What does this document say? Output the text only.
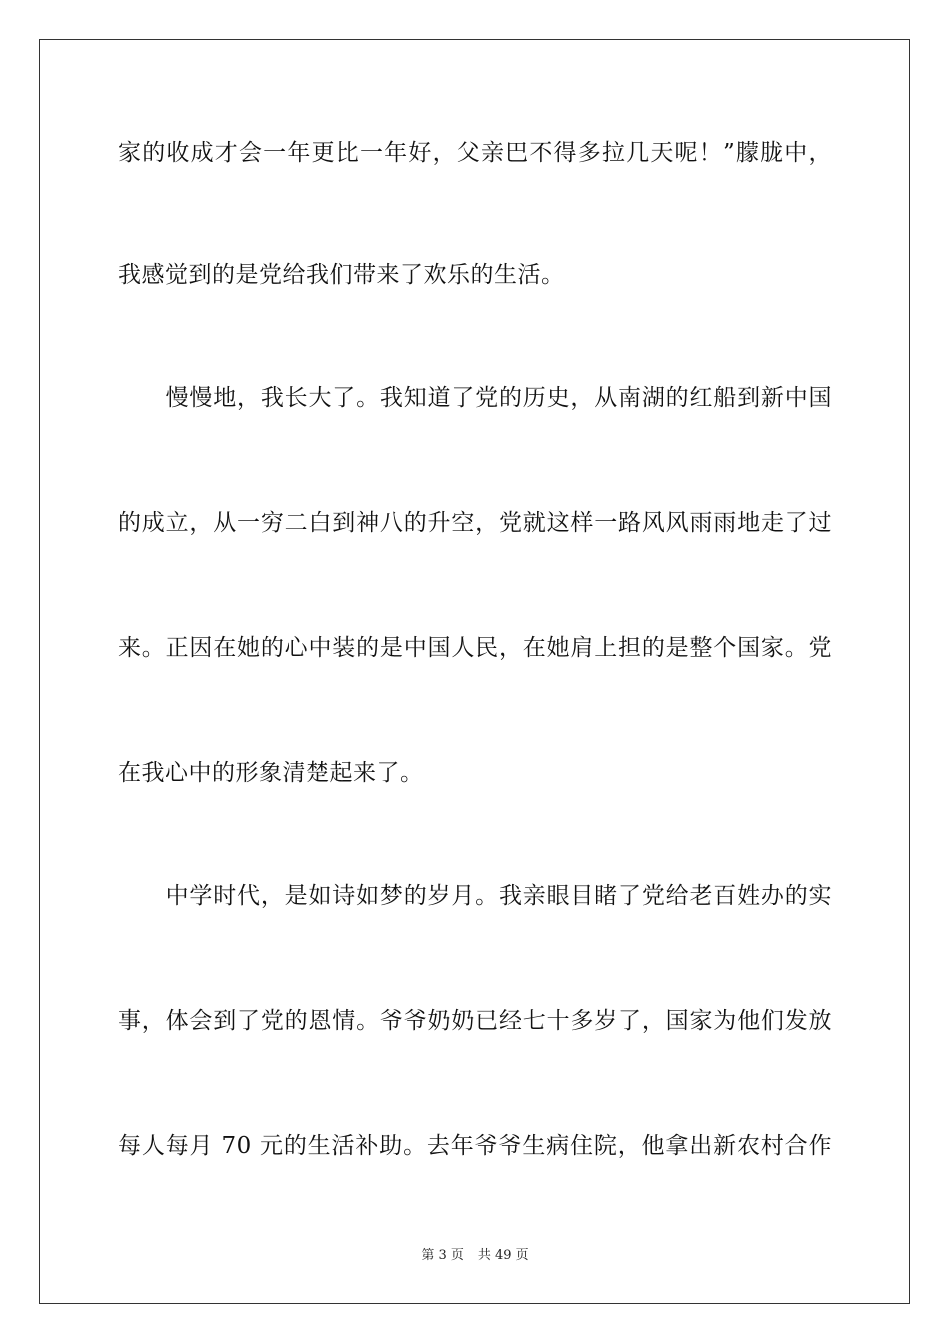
家的收成才会一年更比一年好，父亲巴不得多拉几天呢！”朦胧中，
我感觉到的是党给我们带来了欢乐的生活。
　　慢慢地，我长大了。我知道了党的历史，从南湖的红船到新中国
的成立，从一穷二白到神八的升空，党就这样一路风风雨雨地走了过
来。正因在她的心中装的是中国人民，在她肩上担的是整个国家。党
在我心中的形象清楚起来了。
　　中学时代，是如诗如梦的岁月。我亲眼目睹了党给老百姓办的实
事，体会到了党的恩情。爷爷奶奶已经七十多岁了，国家为他们发放
每人每月 70 元的生活补助。去年爷爷生病住院，他拿出新农村合作
第 3 页 共 49 页
